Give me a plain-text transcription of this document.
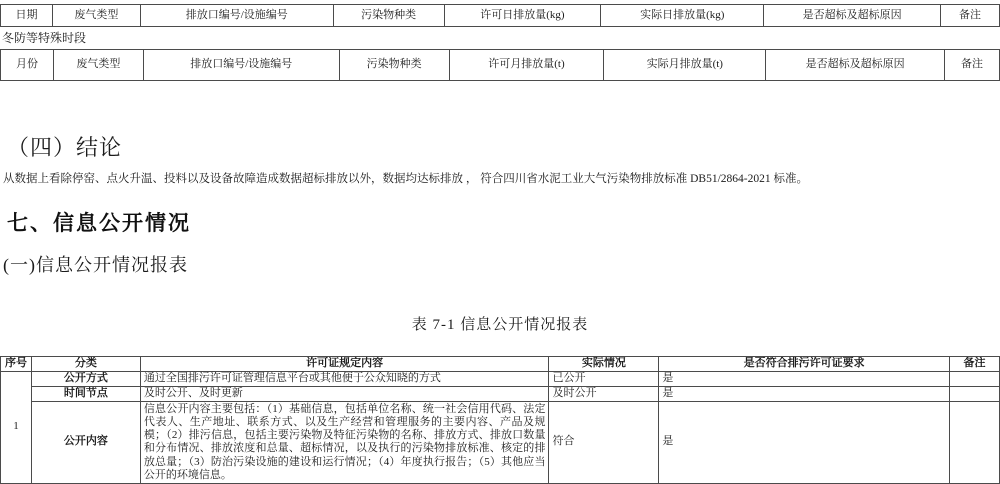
日期	废气类型	排放口编号/设施编号	污染物种类	许可日排放量(kg)	实际日排放量(kg)	是否超标及超标原因	备注
冬防等特殊时段
月份	废气类型	排放口编号/设施编号	污染物种类	许可月排放量(t)	实际月排放量(t)	是否超标及超标原因	备注
（四）结论
从数据上看除停窑、点火升温、投料以及设备故障造成数据超标排放以外，数据均达标排放 ， 符合四川省水泥工业大气污染物排放标准 DB51/2864-2021 标准。
七、信息公开情况
(一)信息公开情况报表
表 7-1 信息公开情况报表
序号	分类	许可证规定内容	实际情况	是否符合排污许可证要求	备注
1	公开方式	通过全国排污许可证管理信息平台或其他便于公众知晓的方式	已公开	是	
	时间节点	及时公开、及时更新	及时公开	是	
	公开内容	信息公开内容主要包括：（1）基础信息，包括单位名称、统一社会信用代码、法定代表人、生产地址、联系方式、以及生产经营和管理服务的主要内容、产品及规模；（2）排污信息，包括主要污染物及特征污染物的名称、排放方式、排放口数量和分布情况、排放浓度和总量、超标情况，以及执行的污染物排放标准、核定的排放总量；（3）防治污染设施的建设和运行情况；（4）年度执行报告；（5）其他应当公开的环境信息。	符合	是	
